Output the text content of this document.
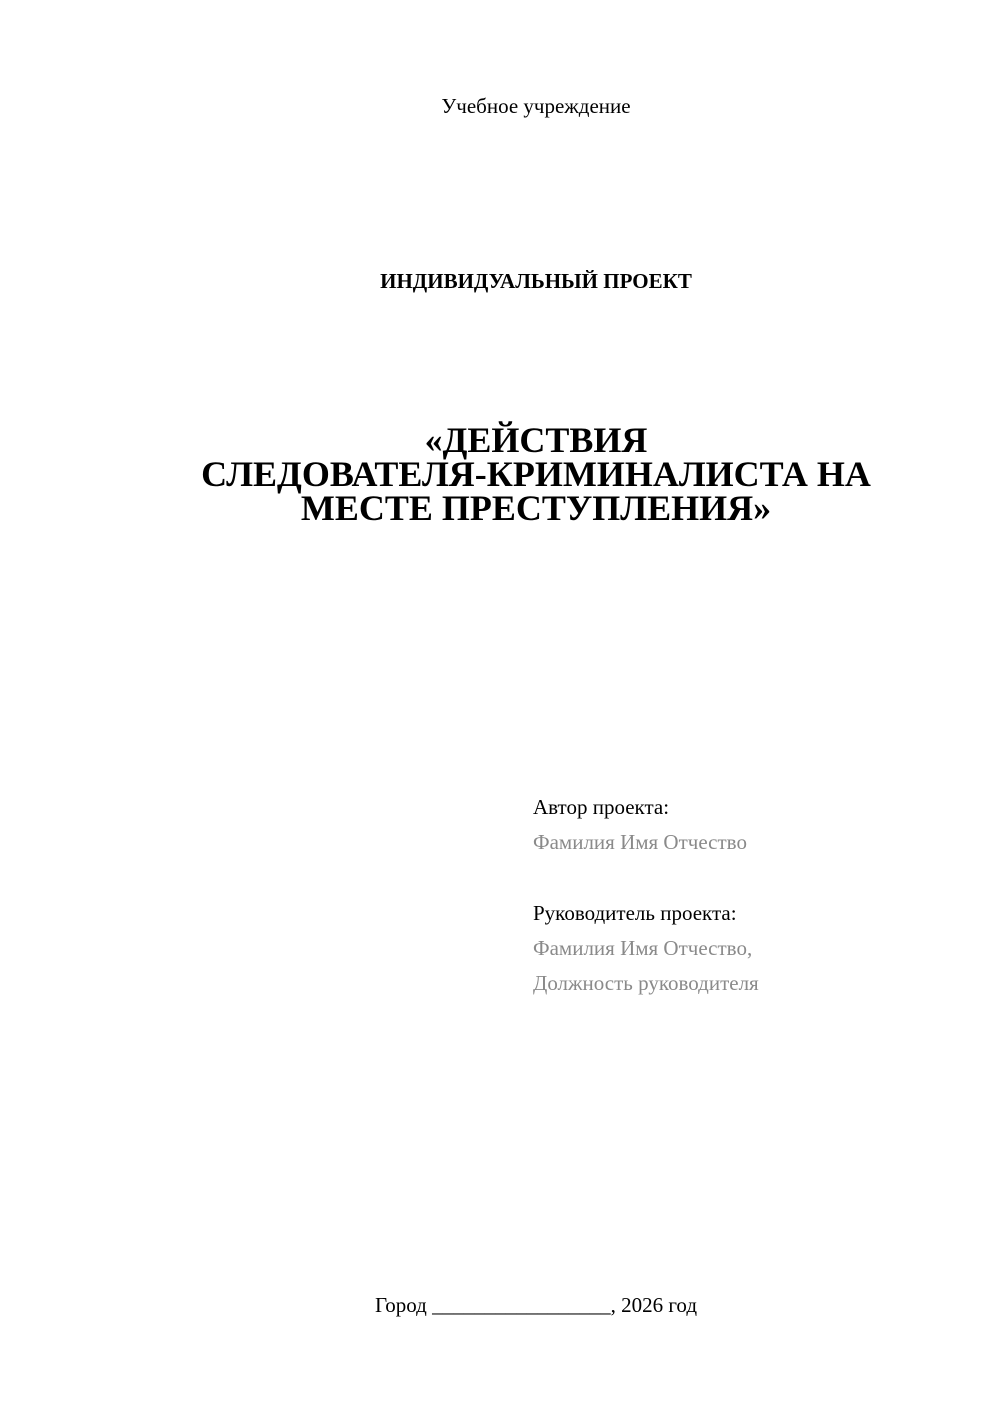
Учебное учреждение

ИНДИВИДУАЛЬНЫЙ ПРОЕКТ

«ДЕЙСТВИЯ
СЛЕДОВАТЕЛЯ-КРИМИНАЛИСТА НА
МЕСТЕ ПРЕСТУПЛЕНИЯ»
Автор проекта:
Фамилия Имя Отчество
Руководитель проекта:
Фамилия Имя Отчество,
Должность руководителя
Город _________________, 2026 год
